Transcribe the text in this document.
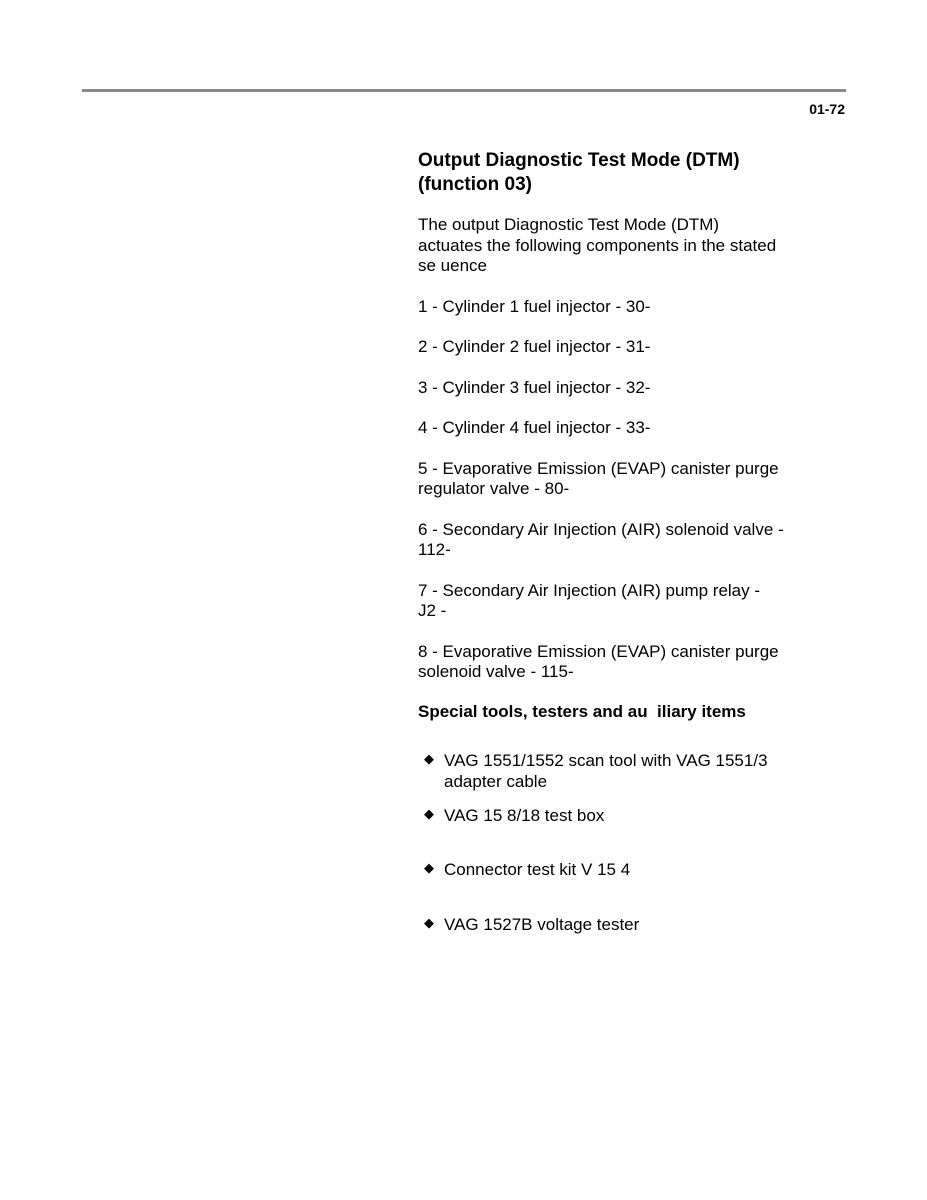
01-72
Output Diagnostic Test Mode (DTM)
(function 03)

The output Diagnostic Test Mode (DTM)
actuates the following components in the stated
se uence

1 - Cylinder 1 fuel injector - 30-
2 - Cylinder 2 fuel injector - 31-
3 - Cylinder 3 fuel injector - 32-
4 - Cylinder 4 fuel injector - 33-
5 - Evaporative Emission (EVAP) canister purge
regulator valve - 80-
6 - Secondary Air Injection (AIR) solenoid valve -
112-
7 - Secondary Air Injection (AIR) pump relay -
J2 -
8 - Evaporative Emission (EVAP) canister purge
solenoid valve - 115-
Special tools, testers and au  iliary items
◆ VAG 1551/1552 scan tool with VAG 1551/3
adapter cable
◆ VAG 15 8/18 test box
◆ Connector test kit V 15 4
◆ VAG 1527B voltage tester
